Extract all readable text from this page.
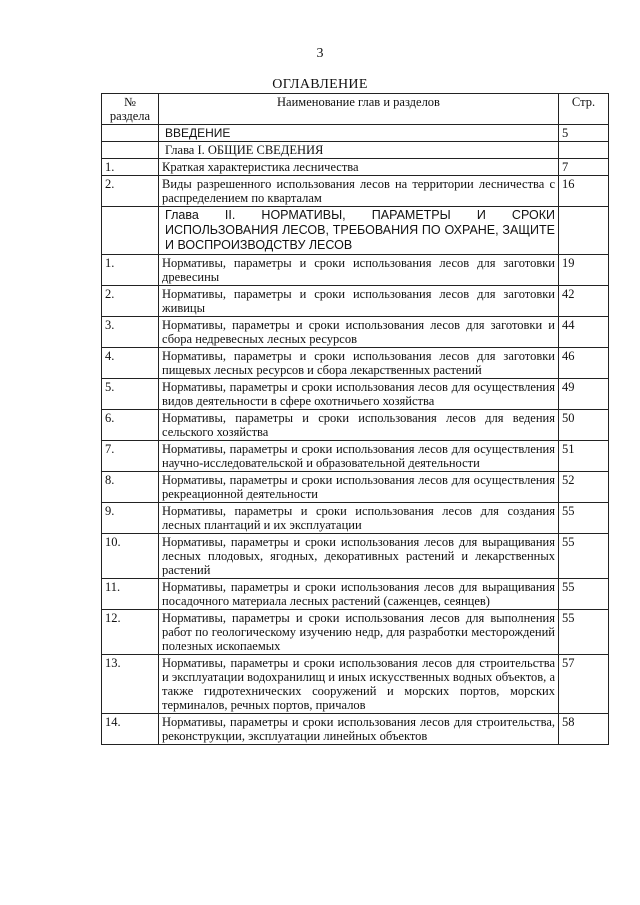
3
ОГЛАВЛЕНИЕ
№ раздела	Наименование глав и разделов	Стр.
	ВВЕДЕНИЕ	5
	Глава I. ОБЩИЕ СВЕДЕНИЯ	
1.	Краткая характеристика лесничества	7
2.	Виды разрешенного использования лесов на территории лесничества с распределением по кварталам	16
	Глава II. НОРМАТИВЫ, ПАРАМЕТРЫ И СРОКИ ИСПОЛЬЗОВАНИЯ ЛЕСОВ, ТРЕБОВАНИЯ ПО ОХРАНЕ, ЗАЩИТЕ И ВОСПРОИЗВОДСТВУ ЛЕСОВ	
1.	Нормативы, параметры и сроки использования лесов для заготовки древесины	19
2.	Нормативы, параметры и сроки использования лесов для заготовки живицы	42
3.	Нормативы, параметры и сроки использования лесов для заготовки и сбора недревесных лесных ресурсов	44
4.	Нормативы, параметры и сроки использования лесов для заготовки пищевых лесных ресурсов и сбора лекарственных растений	46
5.	Нормативы, параметры и сроки использования лесов для осуществления видов деятельности в сфере охотничьего хозяйства	49
6.	Нормативы, параметры и сроки использования лесов для ведения сельского хозяйства	50
7.	Нормативы, параметры и сроки использования лесов для осуществления научно-исследовательской и образовательной деятельности	51
8.	Нормативы, параметры и сроки использования лесов для осуществления рекреационной деятельности	52
9.	Нормативы, параметры и сроки использования лесов для создания лесных плантаций и их эксплуатации	55
10.	Нормативы, параметры и сроки использования лесов для выращивания лесных плодовых, ягодных, декоративных растений и лекарственных растений	55
11.	Нормативы, параметры и сроки использования лесов для выращивания посадочного материала лесных растений (саженцев, сеянцев)	55
12.	Нормативы, параметры и сроки использования лесов для выполнения работ по геологическому изучению недр, для разработки месторождений полезных ископаемых	55
13.	Нормативы, параметры и сроки использования лесов для строительства и эксплуатации водохранилищ и иных искусственных водных объектов, а также гидротехнических сооружений и морских портов, морских терминалов, речных портов, причалов	57
14.	Нормативы, параметры и сроки использования лесов для строительства, реконструкции, эксплуатации линейных объектов	58
